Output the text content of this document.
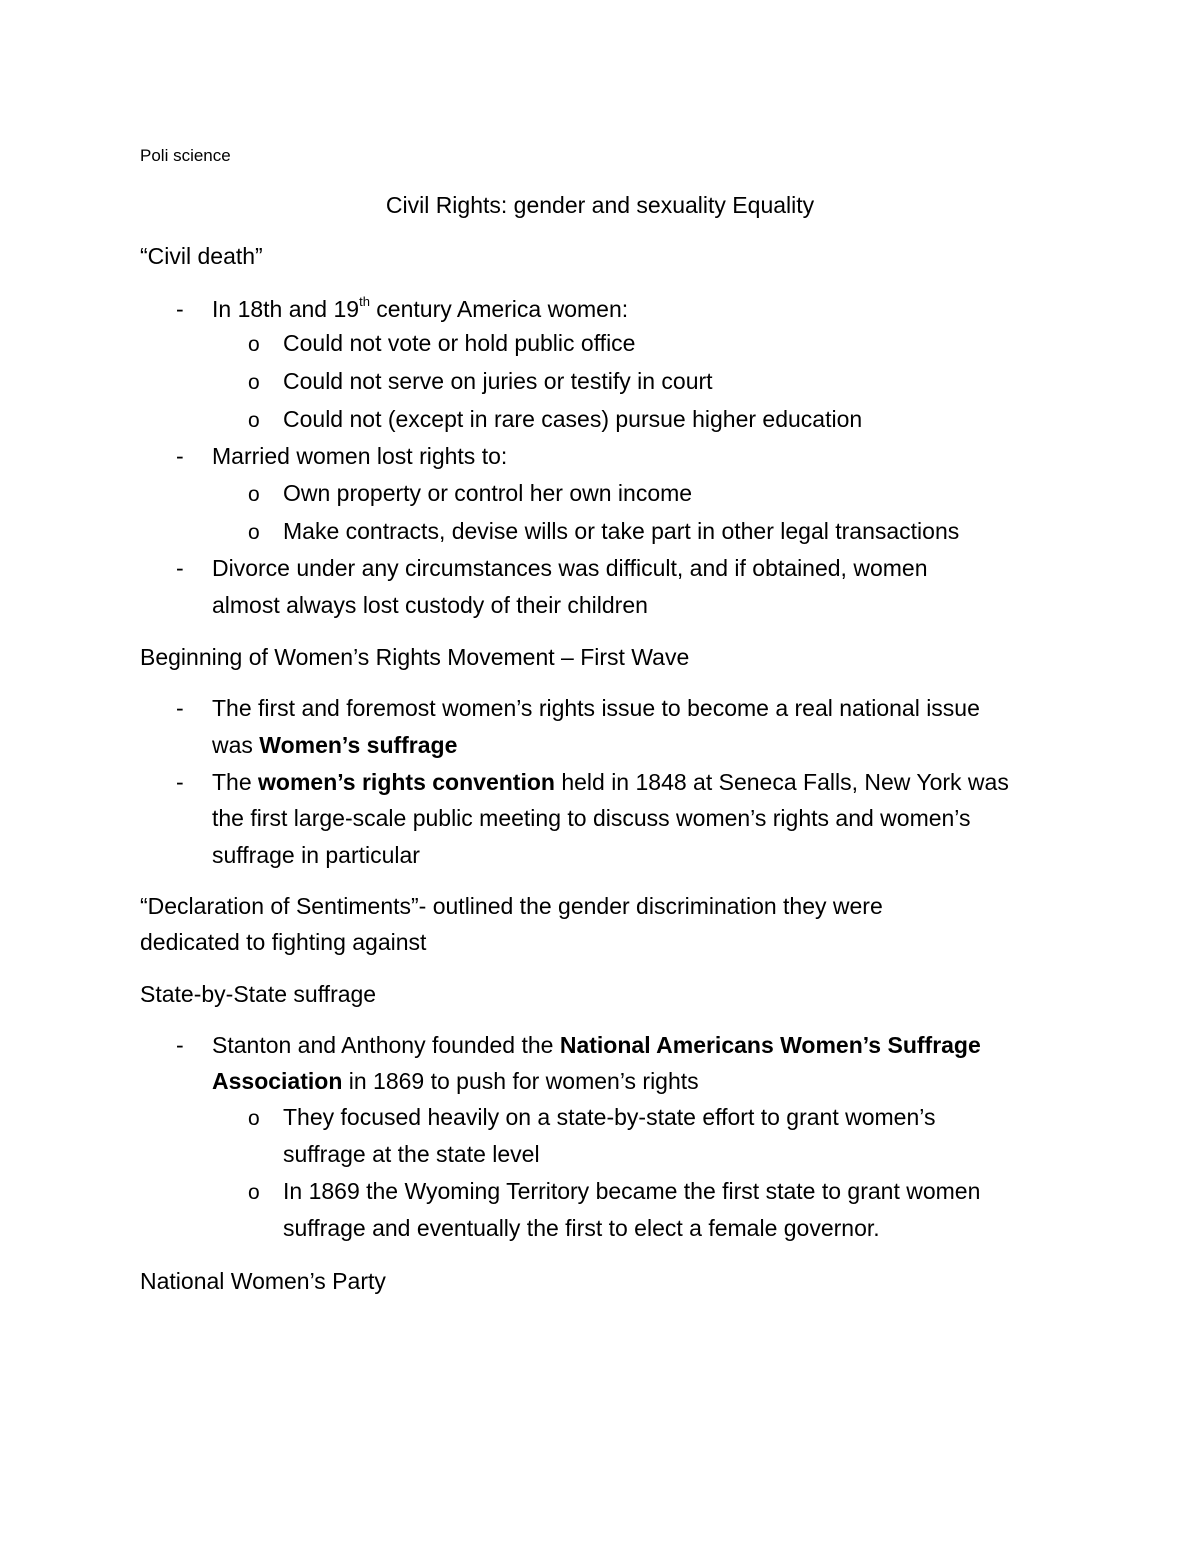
Poli science
Civil Rights: gender and sexuality Equality
“Civil death”
- In 18th and 19th century America women:
o Could not vote or hold public office
o Could not serve on juries or testify in court
o Could not (except in rare cases) pursue higher education
- Married women lost rights to:
o Own property or control her own income
o Make contracts, devise wills or take part in other legal transactions
- Divorce under any circumstances was difficult, and if obtained, women
almost always lost custody of their children
Beginning of Women’s Rights Movement – First Wave
- The first and foremost women’s rights issue to become a real national issue
was Women’s suffrage
- The women’s rights convention held in 1848 at Seneca Falls, New York was
the first large-scale public meeting to discuss women’s rights and women’s
suffrage in particular
“Declaration of Sentiments”- outlined the gender discrimination they were
dedicated to fighting against
State-by-State suffrage
- Stanton and Anthony founded the National Americans Women’s Suffrage
Association in 1869 to push for women’s rights
o They focused heavily on a state-by-state effort to grant women’s
suffrage at the state level
o In 1869 the Wyoming Territory became the first state to grant women
suffrage and eventually the first to elect a female governor.
National Women’s Party
